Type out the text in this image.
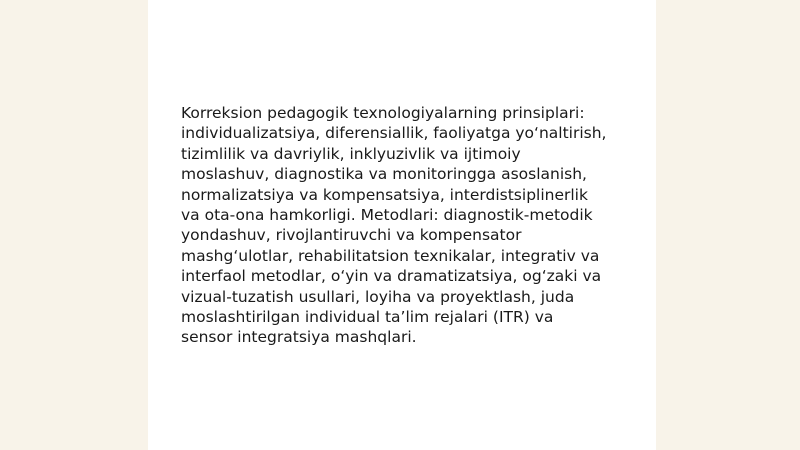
Korreksion pedagogik texnologiyalarning prinsiplari:
individualizatsiya, diferensiallik, faoliyatga yo‘naltirish,
tizimlilik va davriylik, inklyuzivlik va ijtimoiy
moslashuv, diagnostika va monitoringga asoslanish,
normalizatsiya va kompensatsiya, interdistsiplinerlik
va ota-ona hamkorligi. Metodlari: diagnostik-metodik
yondashuv, rivojlantiruvchi va kompensator
mashg‘ulotlar, rehabilitatsion texnikalar, integrativ va
interfaol metodlar, o‘yin va dramatizatsiya, og‘zaki va
vizual-tuzatish usullari, loyiha va proyektlash, juda
moslashtirilgan individual ta’lim rejalari (ITR) va
sensor integratsiya mashqlari.
